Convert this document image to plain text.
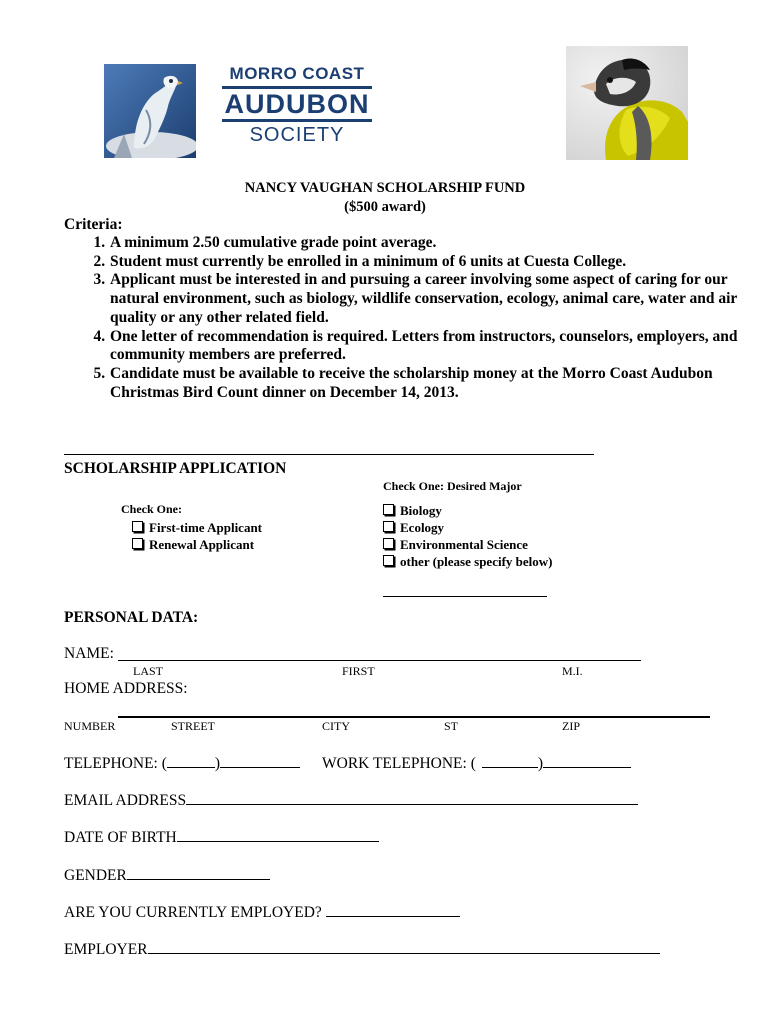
MORRO COAST
AUDUBON
SOCIETY
NANCY VAUGHAN SCHOLARSHIP FUND
($500 award)
Criteria:
1. A minimum 2.50 cumulative grade point average.
2. Student must currently be enrolled in a minimum of 6 units at Cuesta College.
3. Applicant must be interested in and pursuing a career involving some aspect of caring for our natural environment, such as biology, wildlife conservation, ecology, animal care, water and air quality or any other related field.
4. One letter of recommendation is required. Letters from instructors, counselors, employers, and community members are preferred.
5. Candidate must be available to receive the scholarship money at the Morro Coast Audubon Christmas Bird Count dinner on December 14, 2013.
SCHOLARSHIP APPLICATION
Check One: Desired Major
Check One:
First-time Applicant
Renewal Applicant
Biology
Ecology
Environmental Science
other (please specify below)
PERSONAL DATA:
NAME:
LAST	FIRST	M.I.
HOME ADDRESS:
NUMBER	STREET	CITY	ST	ZIP
TELEPHONE: (	)	WORK TELEPHONE: (	)
EMAIL ADDRESS
DATE OF BIRTH
GENDER
ARE YOU CURRENTLY EMPLOYED?
EMPLOYER
